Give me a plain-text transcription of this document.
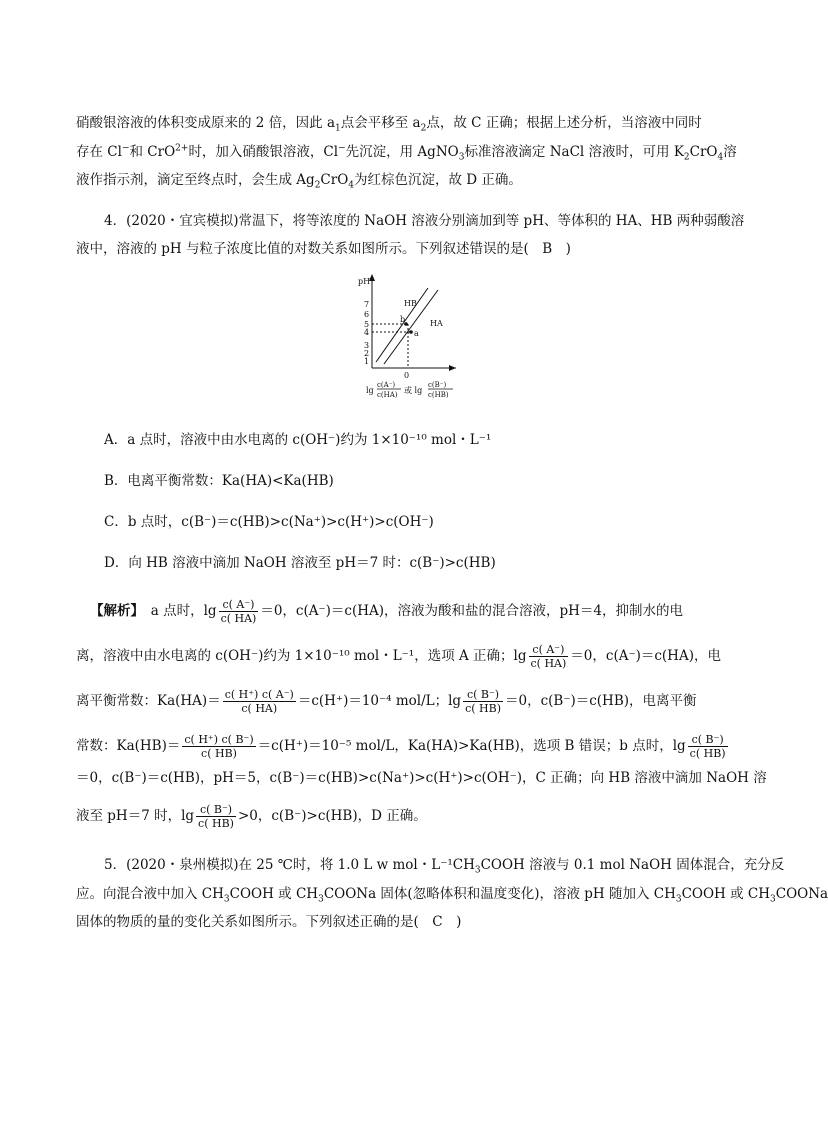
硝酸银溶液的体积变成原来的 2 倍，因此 $a_1$点会平移至 $a_2$点，故 C 正确；根据上述分析，当溶液中同时
存在 Cl−和 CrO$^{2+}$时，加入硝酸银溶液，Cl−先沉淀，用 AgNO$_3$标准溶液滴定 NaCl 溶液时，可用 $K_2CrO_4$溶
液作指示剂，滴定至终点时，会生成 $Ag_2CrO_4$为红棕色沉淀，故 D 正确。
4．(2020・宜宾模拟)常温下，将等浓度的 NaOH 溶液分别滴加到等 pH、等体积的 HA、HB 两种弱酸溶
液中，溶液的 pH 与粒子浓度比值的对数关系如图所示。下列叙述错误的是(　B　)
pH
1
2
3
4
5
6
7
0
HB
HA
b
a
lg
c(A⁻)
c(HA) 或 lg
c(B⁻)
c(HB)
A．a 点时，溶液中由水电离的 c(OH⁻)约为 1×10⁻¹⁰ mol・L⁻¹
B．电离平衡常数：Ka(HA)<Ka(HB)
C．b 点时，c(B⁻)＝c(HB)>c(Na⁺)>c(H⁺)>c(OH⁻)
D．向 HB 溶液中滴加 NaOH 溶液至 pH＝7 时：c(B⁻)>c(HB)
【解析】　 a 点时，$\lg \frac{c( A^-)}{c( HA)} =0$，c(A⁻)＝c(HA)，溶液为酸和盐的混合溶液，pH＝4，抑制水的电
离，溶液中由水电离的 c(OH⁻)约为 1×10⁻¹⁰ mol・L⁻¹，选项 A 正确；$\lg \frac{c( A^-)}{c( HA)} =0$，c(A⁻)＝c(HA)，电
离平衡常数：$Ka(HA)= \frac{c( H^+) c( A^-)}{c( HA)} =c(H^+)=10^{-4}$ mol/L；$\lg \frac{c( B^-)}{c( HB)} =0$，c(B⁻)＝c(HB)，电离平衡
常数：$Ka(HB)= \frac{c( H^+) c( B^-)}{c( HB)} =c(H^+)=10^{-5}$ mol/L，Ka(HA)>Ka(HB)，选项 B 错误；b 点时，$\lg \frac{c( B^-)}{c( HB)}$
＝0，c(B⁻)＝c(HB)，pH＝5，c(B⁻)＝c(HB)>c(Na⁺)>c(H⁺)>c(OH⁻)，C 正确；向 HB 溶液中滴加 NaOH 溶
液至 pH＝7 时，$\lg \frac{c( B^-)}{c( HB)} >0$，c(B⁻)>c(HB)，D 正确。
5．(2020・泉州模拟)在 25 ℃时，将 1.0 L w mol・$L^{-1}CH_3COOH$ 溶液与 0.1 mol NaOH 固体混合，充分反
应。向混合液中加入 $CH_3COOH$ 或 $CH_3COONa$ 固体(忽略体积和温度变化)，溶液 pH 随加入 $CH_3COOH$ 或 $CH_3COONa$
固体的物质的量的变化关系如图所示。下列叙述正确的是(　C　)
